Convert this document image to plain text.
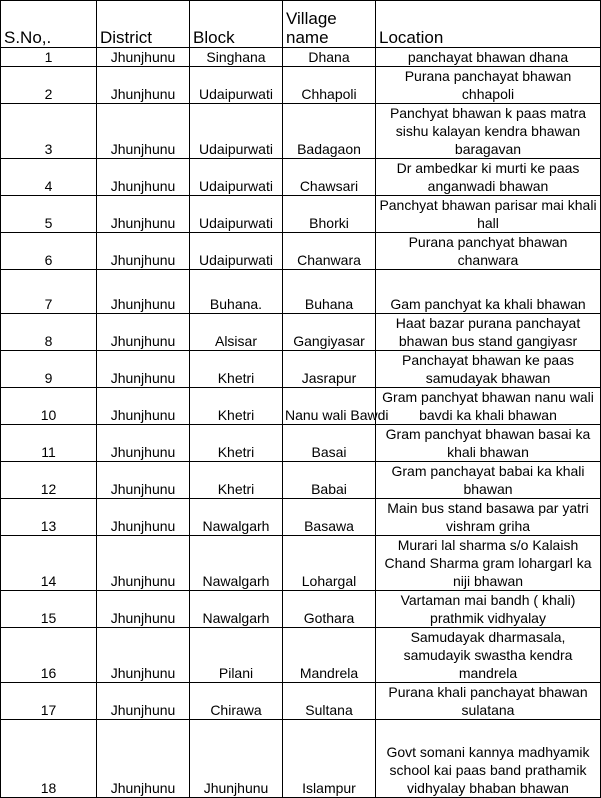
S.No,.	District	Block	Village name	Location
1	Jhunjhunu	Singhana	Dhana	panchayat bhawan dhana
2	Jhunjhunu	Udaipurwati	Chhapoli	Purana panchayat bhawan chhapoli
3	Jhunjhunu	Udaipurwati	Badagaon	Panchyat bhawan k paas matra sishu kalayan kendra bhawan baragavan
4	Jhunjhunu	Udaipurwati	Chawsari	Dr ambedkar ki murti ke paas anganwadi bhawan
5	Jhunjhunu	Udaipurwati	Bhorki	Panchyat bhawan parisar mai khali hall
6	Jhunjhunu	Udaipurwati	Chanwara	Purana panchyat bhawan chanwara
7	Jhunjhunu	Buhana.	Buhana	Gam panchyat ka khali bhawan
8	Jhunjhunu	Alsisar	Gangiyasar	Haat bazar purana panchayat bhawan bus stand gangiyasr
9	Jhunjhunu	Khetri	Jasrapur	Panchayat bhawan ke paas samudayak bhawan
10	Jhunjhunu	Khetri	Nanu wali Bawdi	Gram panchyat bhawan nanu wali bavdi ka khali bhawan
11	Jhunjhunu	Khetri	Basai	Gram panchyat bhawan basai ka khali bhawan
12	Jhunjhunu	Khetri	Babai	Gram panchayat babai ka khali bhawan
13	Jhunjhunu	Nawalgarh	Basawa	Main bus stand basawa par yatri vishram griha
14	Jhunjhunu	Nawalgarh	Lohargal	Murari lal sharma s/o Kalaish Chand Sharma gram lohargarl ka niji bhawan
15	Jhunjhunu	Nawalgarh	Gothara	Vartaman mai bandh ( khali) prathmik vidhyalay
16	Jhunjhunu	Pilani	Mandrela	Samudayak dharmasala, samudayik swastha kendra mandrela
17	Jhunjhunu	Chirawa	Sultana	Purana khali panchayat bhawan sulatana
18	Jhunjhunu	Jhunjhunu	Islampur	Govt somani kannya madhyamik school kai paas band prathamik vidhyalay bhaban bhawan
